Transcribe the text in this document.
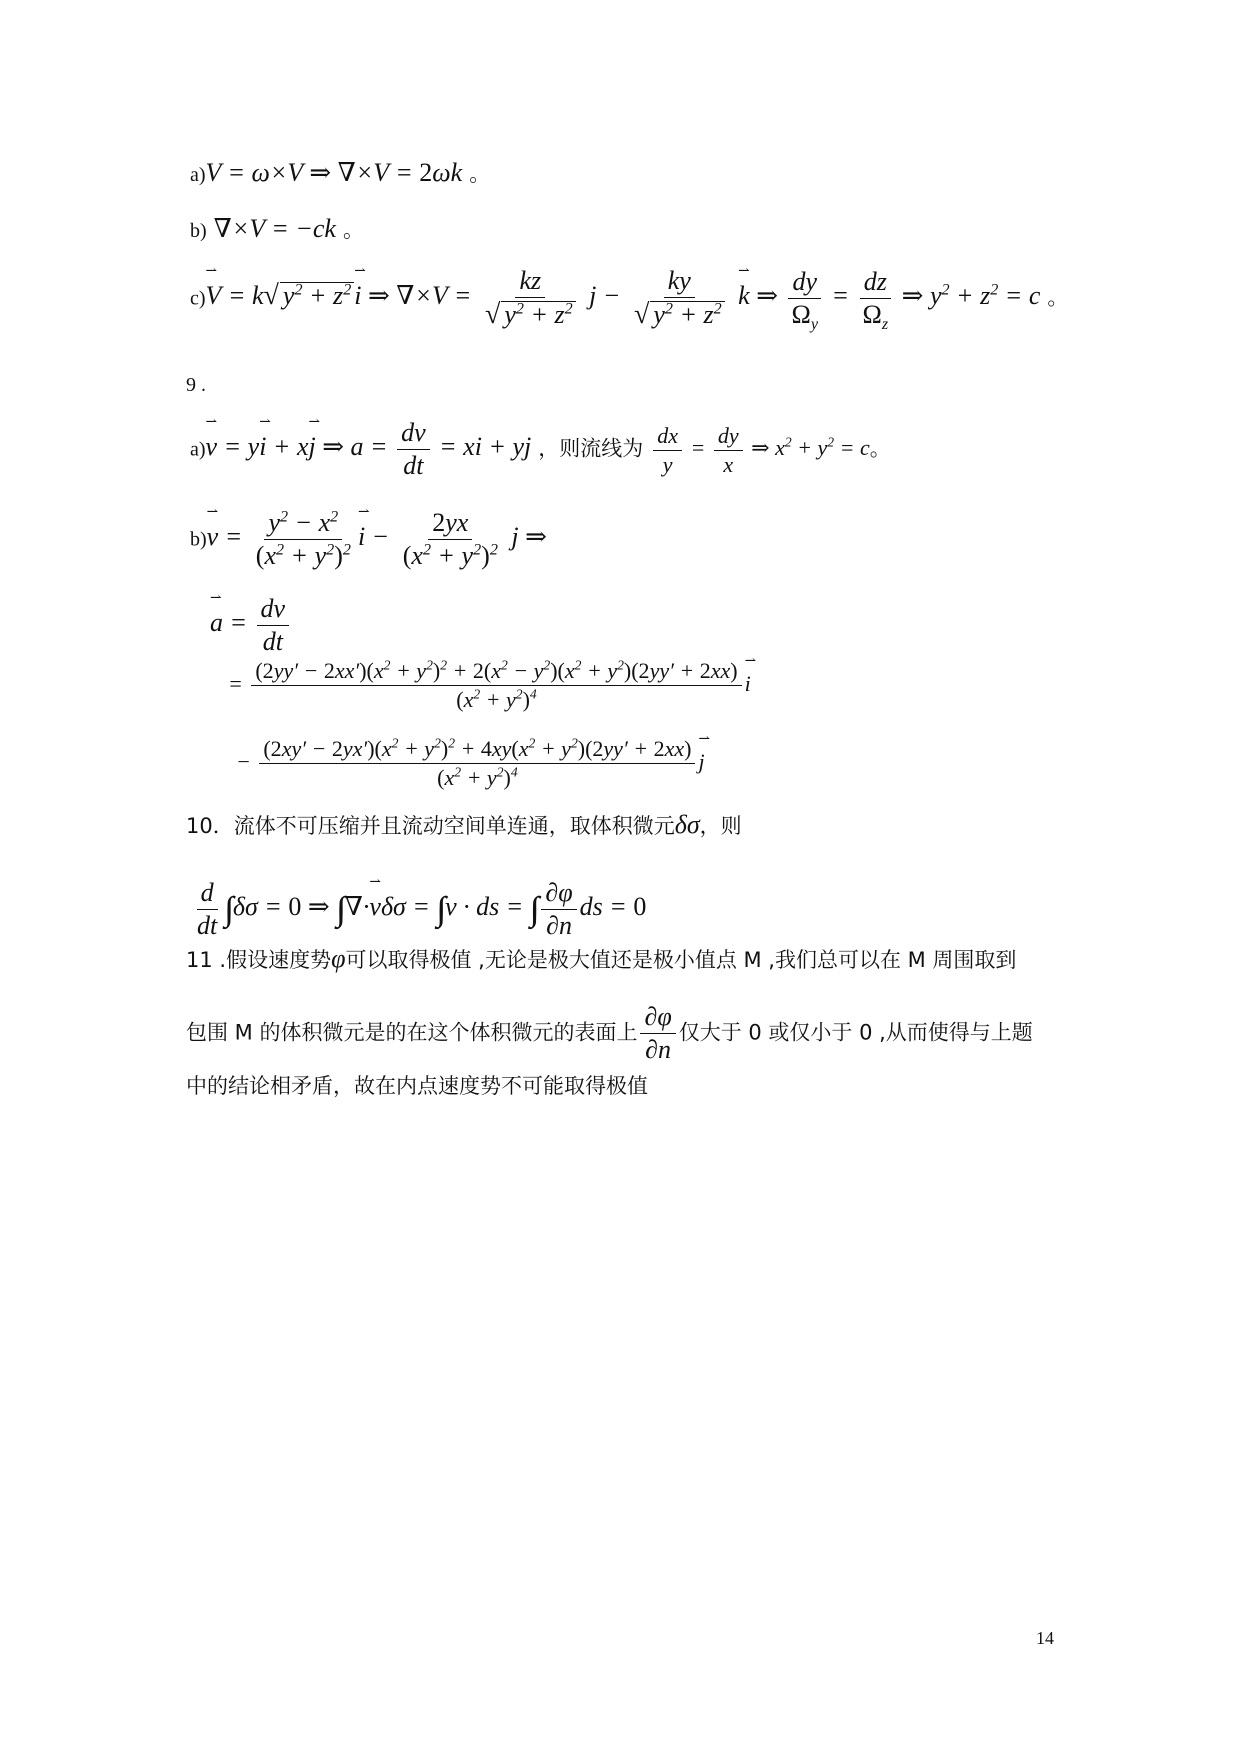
a)V = ω×V ⇒ ∇×V = 2ωk 。
b) ∇×V = −ck 。
c)⇀ V = k√ $y^2$ + $z^2⇀$ i ⇒ $\nabla\times V = \frac{kz}{√ y^2 + z^2}$ $j - \frac{ky}{√ y^2 + z^2}$
⇀ k ⇒ $\frac{dy}{\Omega_y} = \frac{dz}{\Omega_z}$ ⇒ $y^2 + z^2 = c$ 。
9 .
a)⇀ v = y⇀ i + x⇀ j ⇒ $a = \frac{dv}{dt}$ = xi + yj ，则流线为 $\frac{dx}{y} = \frac{dy}{x}$ ⇒ $x^2 + y^2 = c$。
b)⇀ $v = \frac{y^2 - x^2}{(x^2 + y^2)^2}$
⇀ $i - \frac{2yx}{(x^2 + y^2)^2}$ j ⇒
⇀ $a = \frac{dv}{dt}$
= $\frac{(2yy' - 2xx')(x^2 + y^2)^2 + 2(x^2 - y^2)(x^2 + y^2)(2yy' + 2xx)}{(x^2 + y^2)^4}$
⇀ i
− $\frac{(2xy' - 2yx')(x^2 + y^2)^2 + 4xy(x^2 + y^2)(2yy' + 2xx)}{(x^2 + y^2)^4}$
⇀ j
10．流体不可压缩并且流动空间单连通，取体积微元δσ，则
$\frac{d}{dt}$ ∫∫ δσ = 0 ⇒ ∫∫ ∇·⇀ vδσ = ∫∫ v · ds = ∫∫ $\frac{\partial\varphi}{\partial n}$ ds = 0
11 .假设速度势φ可以取得极值 ,无论是极大值还是极小值点 M ,我们总可以在 M 周围取到
包围 M 的体积微元是的在这个体积微元的表面上 $\frac{\partial\varphi}{\partial n}$ 仅大于 0 或仅小于 0 ,从而使得与上题
中的结论相矛盾，故在内点速度势不可能取得极值
14
